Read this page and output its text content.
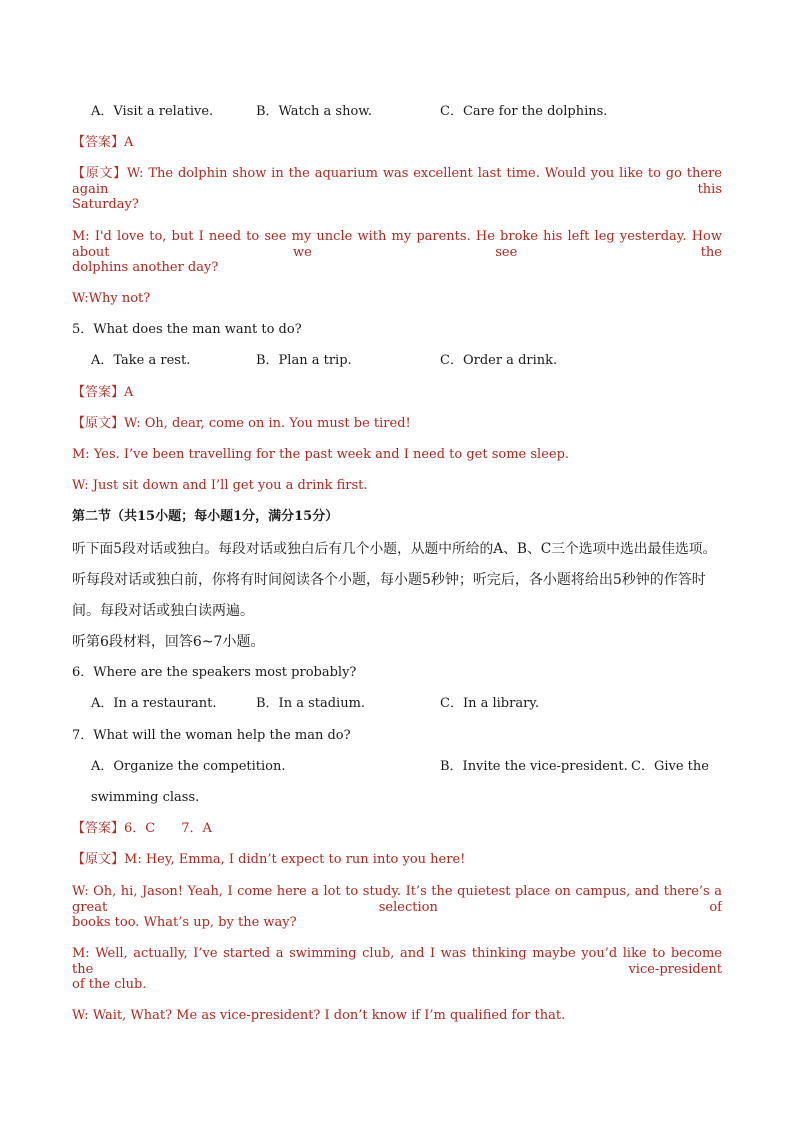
A．Visit a relative.	B．Watch a show.	C．Care for the dolphins.
【答案】A
【原文】W: The dolphin show in the aquarium was excellent last time. Would you like to go there again this
Saturday?
M: I'd love to, but I need to see my uncle with my parents. He broke his left leg yesterday. How about we see the
dolphins another day?
W:Why not?
5．What does the man want to do?
A．Take a rest.	B．Plan a trip.	C．Order a drink.
【答案】A
【原文】W: Oh, dear, come on in. You must be tired!
M: Yes. I’ve been travelling for the past week and I need to get some sleep.
W: Just sit down and I’ll get you a drink first.
第二节（共15小题；每小题1分，满分15分）
听下面5段对话或独白。每段对话或独白后有几个小题，从题中所给的A、B、C三个选项中选出最佳选项。
听每段对话或独白前，你将有时间阅读各个小题，每小题5秒钟；听完后，各小题将给出5秒钟的作答时
间。每段对话或独白读两遍。
听第6段材料，回答6~7小题。
6．Where are the speakers most probably?
A．In a restaurant.	B．In a stadium.	C．In a library.
7．What will the woman help the man do?
A．Organize the competition.	B．Invite the vice-president. C．Give the
swimming class.
【答案】6．C　　7．A
【原文】M: Hey, Emma, I didn’t expect to run into you here!
W: Oh, hi, Jason! Yeah, I come here a lot to study. It’s the quietest place on campus, and there’s a great selection of
books too. What’s up, by the way?
M: Well, actually, I’ve started a swimming club, and I was thinking maybe you’d like to become the vice-president
of the club.
W: Wait, What? Me as vice-president? I don’t know if I’m qualified for that.
